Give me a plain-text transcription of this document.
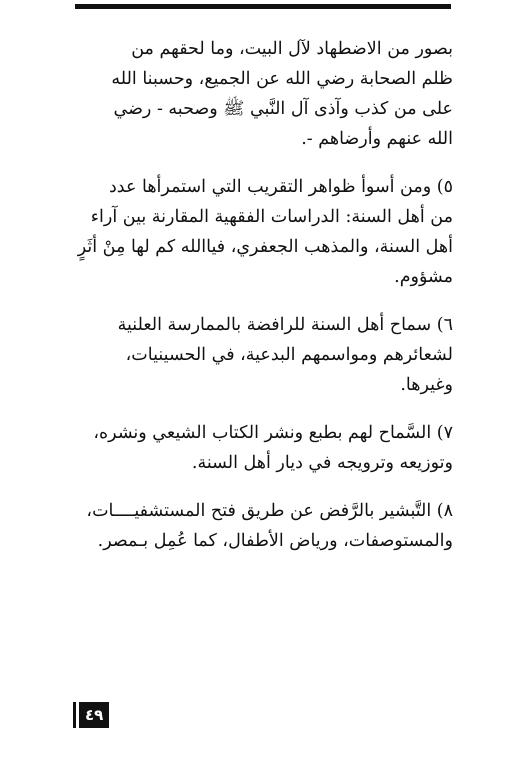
بصور من الاضطهاد لآل البيت، وما لحقهم من
ظلم الصحابة رضي الله عن الجميع، وحسبنا الله
على من كذب وآذى آل النَّبي ﷺ وصحبه - رضي
الله عنهم وأرضاهم -.
٥) ومن أسوأ ظواهر التقريب التي استمرأها عدد
من أهل السنة: الدراسات الفقهية المقارنة بين آراء
أهل السنة، والمذهب الجعفري، فياالله كم لها مِنْ أثَرٍ
مشؤوم.
٦) سماح أهل السنة للرافضة بالممارسة العلنية
لشعائرهم ومواسمهم البدعية، في الحسينيات،
وغيرها.
٧) السَّماح لهم بطبع ونشر الكتاب الشيعي ونشره،
وتوزيعه وترويجه في ديار أهل السنة.
٨) التَّبشير بالرَّفض عن طريق فتح المستشفيــــات،
والمستوصفات، ورياض الأطفال، كما عُمِل بـمصر.
٤٩
